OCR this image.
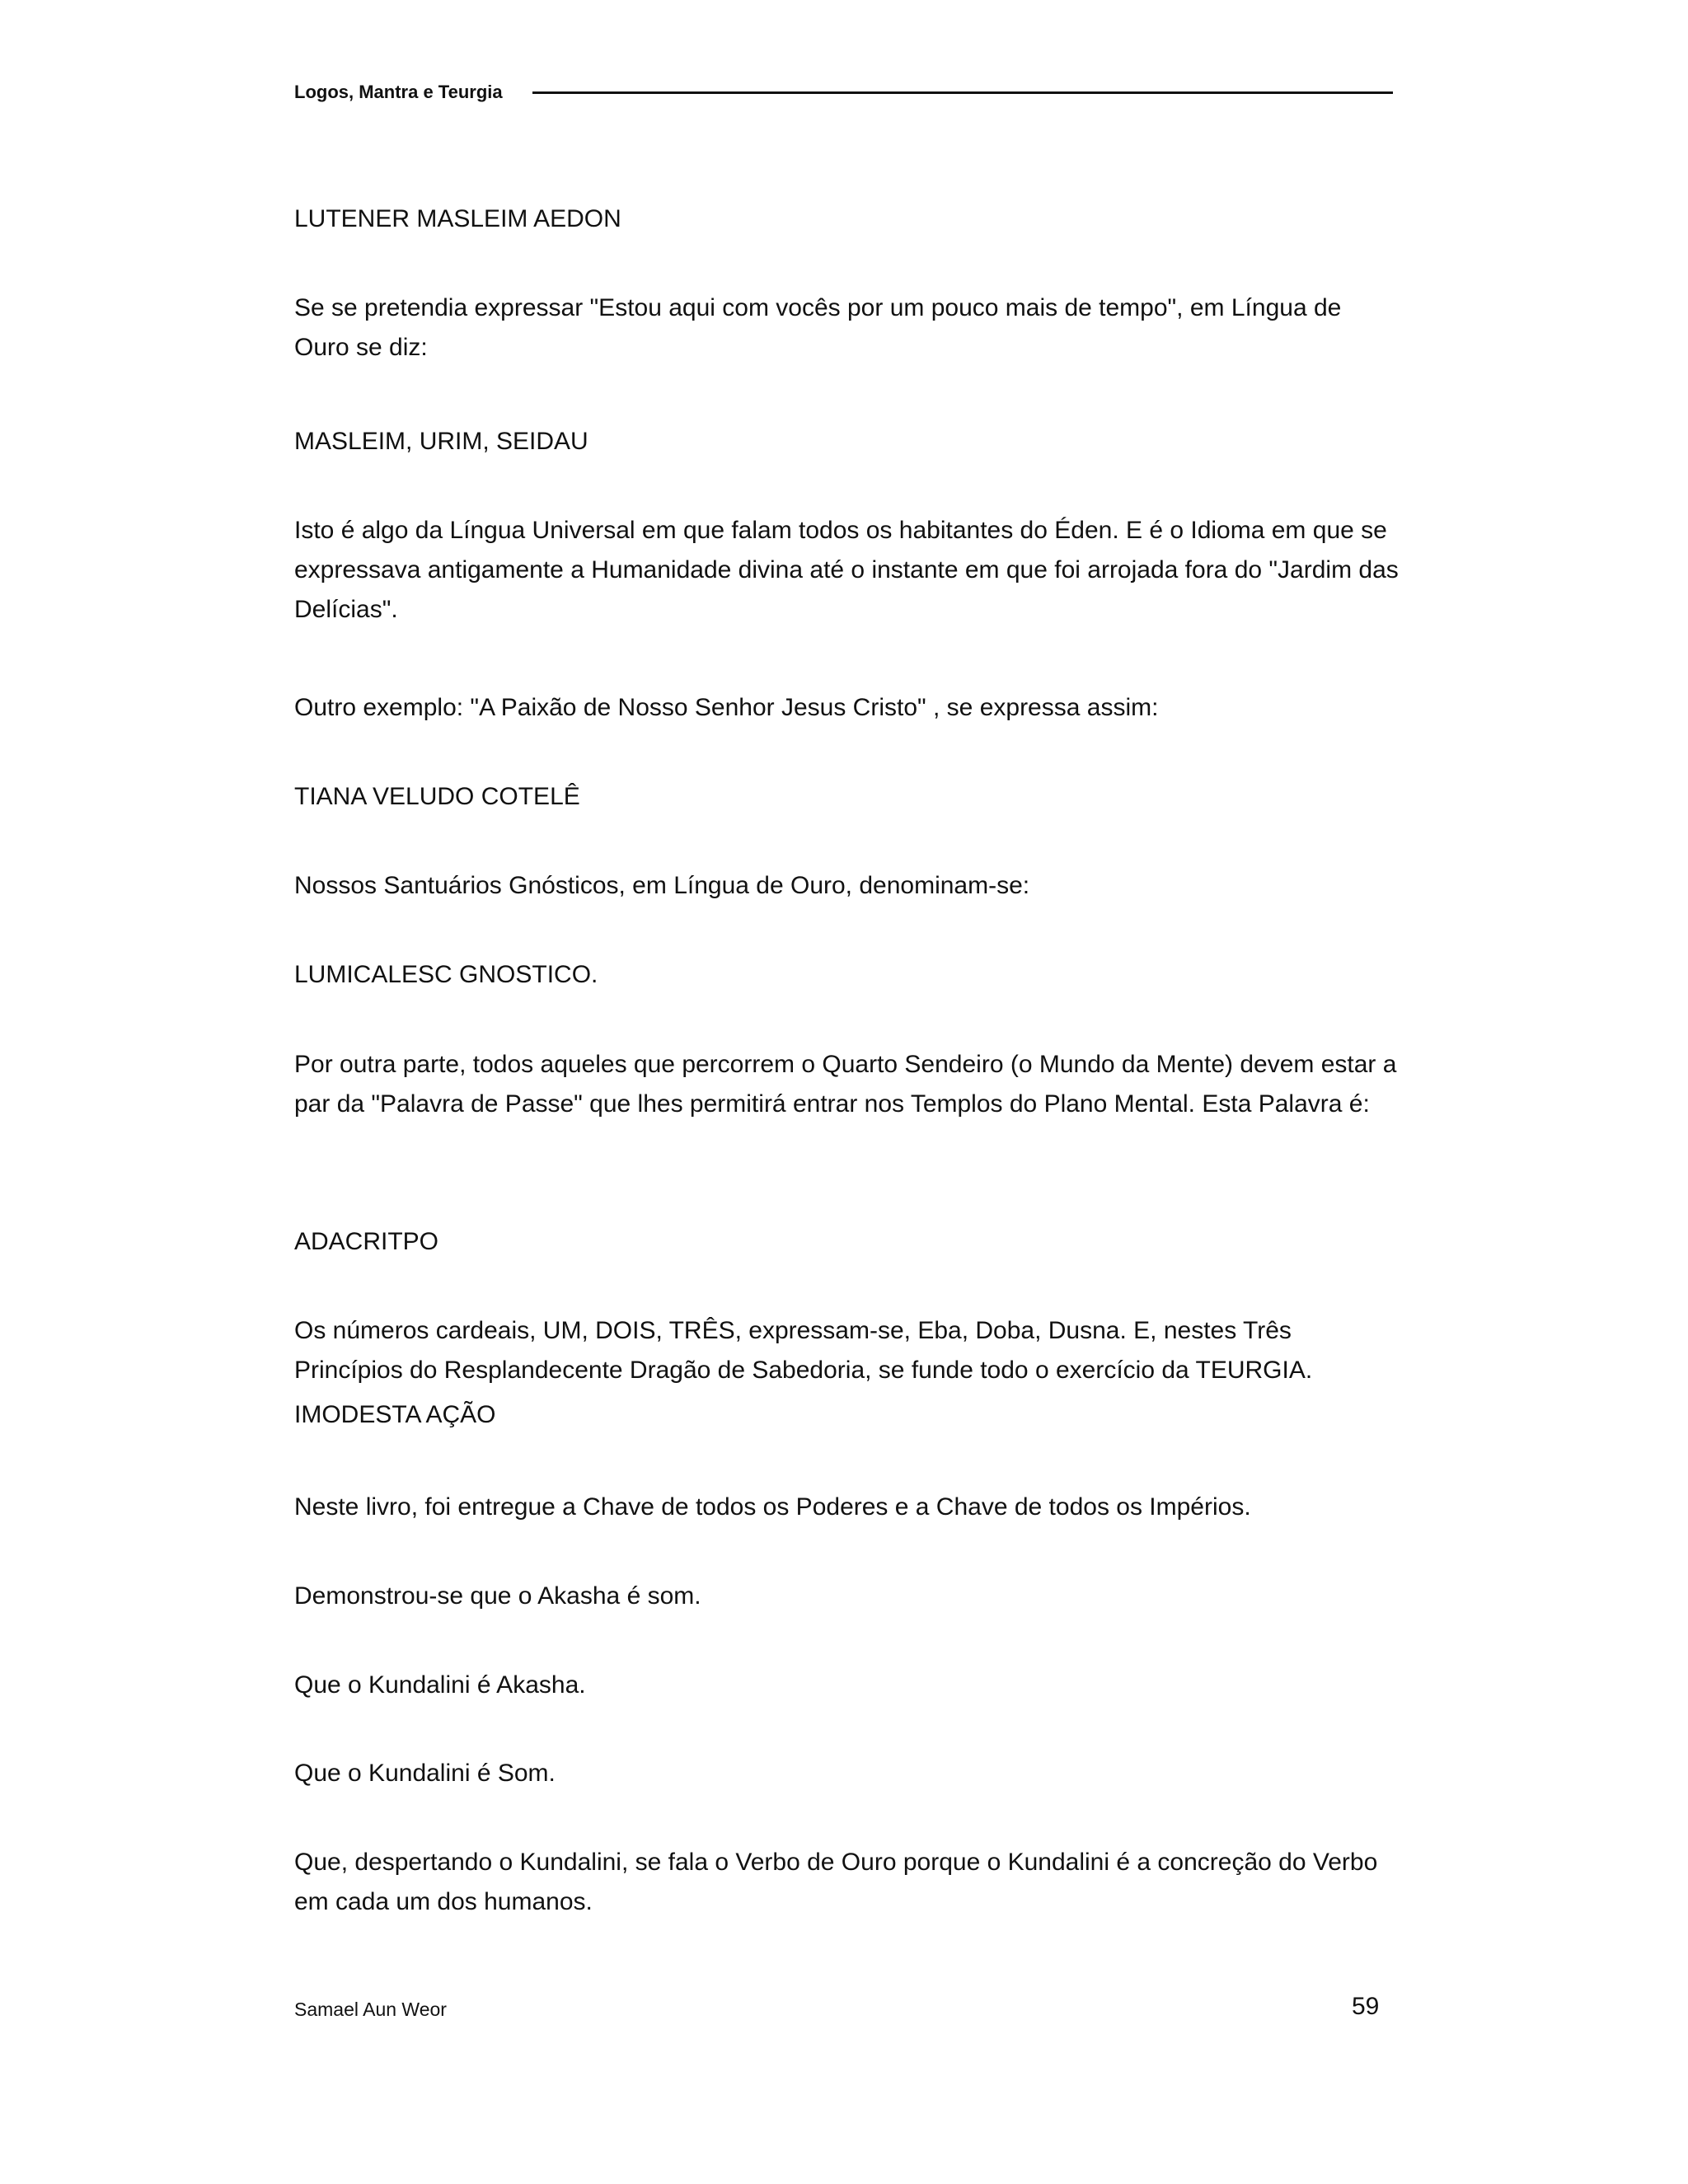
Logos, Mantra e Teurgia

LUTENER MASLEIM AEDON

Se se pretendia expressar "Estou aqui com vocês por um pouco mais de tempo", em Língua de Ouro se diz:

MASLEIM, URIM, SEIDAU

Isto é algo da Língua Universal em que falam todos os habitantes do Éden. E é o Idioma em que se expressava antigamente a Humanidade divina até o instante em que foi arrojada fora do "Jardim das Delícias".

Outro exemplo: "A Paixão de Nosso Senhor Jesus Cristo" , se expressa assim:

TIANA VELUDO COTELÊ

Nossos Santuários Gnósticos, em Língua de Ouro, denominam-se:

LUMICALESC GNOSTICO.

Por outra parte, todos aqueles que percorrem o Quarto Sendeiro (o Mundo da Mente) devem estar a par da "Palavra de Passe" que lhes permitirá entrar nos Templos do Plano Mental. Esta Palavra é:

ADACRITPO

Os números cardeais, UM, DOIS, TRÊS, expressam-se, Eba, Doba, Dusna. E, nestes Três Princípios do Resplandecente Dragão de Sabedoria, se funde todo o exercício da TEURGIA.

IMODESTA AÇÃO

Neste livro, foi entregue a Chave de todos os Poderes e a Chave de todos os Impérios.

Demonstrou-se que o Akasha é som.

Que o Kundalini é Akasha.

Que o Kundalini é Som.

Que, despertando o Kundalini, se fala o Verbo de Ouro porque o Kundalini é a concreção do Verbo em cada um dos humanos.

Samael Aun Weor	59
